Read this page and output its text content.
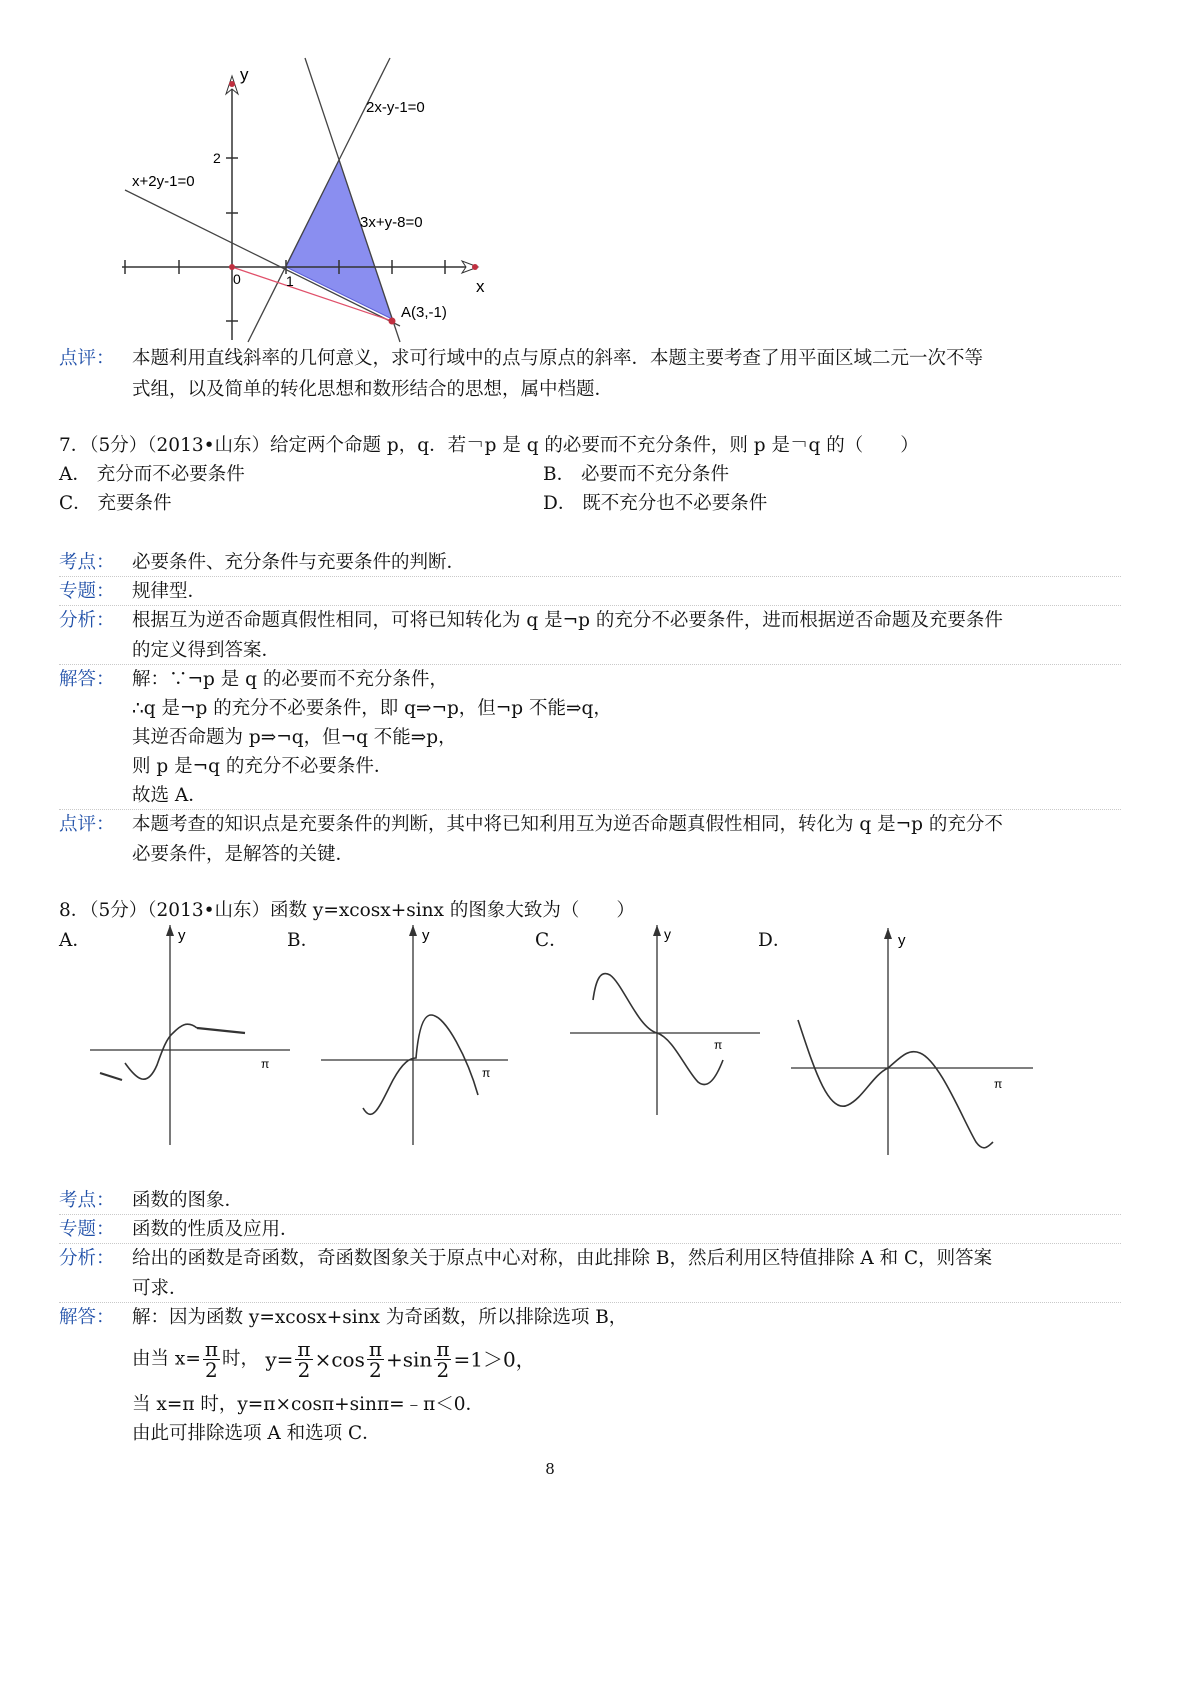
y
x
0	1
2
2x-y-1=0
x+2y-1=0
3x+y-8=0
A(3,-1)
点评： 本题利用直线斜率的几何意义，求可行域中的点与原点的斜率．本题主要考查了用平面区域二元一次不等
式组，以及简单的转化思想和数形结合的思想，属中档题．
7．（5分）（2013•山东）给定两个命题 p，q．若￢p 是 q 的必要而不充分条件，则 p 是￢q 的（　　）
A． 充分而不必要条件	B． 必要而不充分条件
C． 充要条件	D． 既不充分也不必要条件
考点： 必要条件、充分条件与充要条件的判断．
专题： 规律型．
分析： 根据互为逆否命题真假性相同，可将已知转化为 q 是¬p 的充分不必要条件，进而根据逆否命题及充要条件
的定义得到答案．
解答： 解：∵¬p 是 q 的必要而不充分条件，
∴q 是¬p 的充分不必要条件，即 q⇒¬p，但¬p 不能⇒q，
其逆否命题为 p⇒¬q，但¬q 不能⇒p，
则 p 是¬q 的充分不必要条件．
故选 A．
点评： 本题考查的知识点是充要条件的判断，其中将已知利用互为逆否命题真假性相同，转化为 q 是¬p 的充分不
必要条件，是解答的关键．
8．（5分）（2013•山东）函数 y=xcosx+sinx 的图象大致为（　　）
A．	B．	C．	D．
y
π
y
π
y
π
y
π
考点： 函数的图象．
专题： 函数的性质及应用．
分析： 给出的函数是奇函数，奇函数图象关于原点中心对称，由此排除 B，然后利用区特值排除 A 和 C，则答案
可求．
解答： 解：因为函数 y=xcosx+sinx 为奇函数，所以排除选项 B，
由当 $x= \frac{\pi}{2}$ 时， $y= \frac{\pi}{2} \times\cos \frac{\pi}{2} +\sin \frac{\pi}{2} =1>0$，
当 x=π 时，y=π×cosπ+sinπ=﹣π＜0．
由此可排除选项 A 和选项 C．
8
